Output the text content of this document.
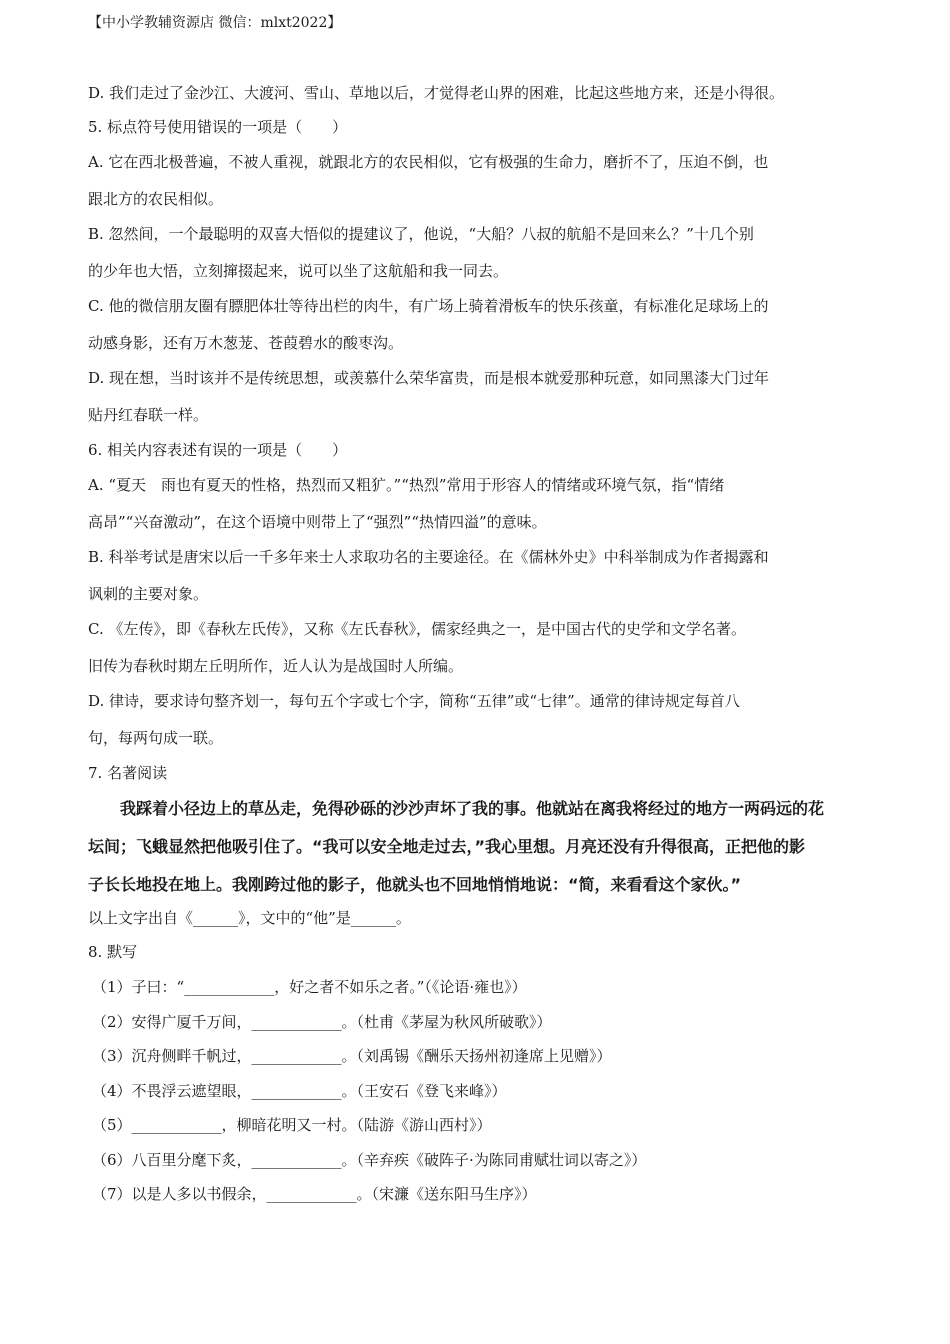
【中小学教辅资源店 微信：mlxt2022】
D. 我们走过了金沙江、大渡河、雪山、草地以后，才觉得老山界的困难，比起这些地方来，还是小得很。
5. 标点符号使用错误的一项是（　　）
A. 它在西北极普遍，不被人重视，就跟北方的农民相似，它有极强的生命力，磨折不了，压迫不倒，也
跟北方的农民相似。
B. 忽然间，一个最聪明的双喜大悟似的提建议了，他说，“大船？八叔的航船不是回来么？”十几个别
的少年也大悟，立刻撺掇起来，说可以坐了这航船和我一同去。
C. 他的微信朋友圈有膘肥体壮等待出栏的肉牛，有广场上骑着滑板车的快乐孩童，有标准化足球场上的
动感身影，还有万木葱茏、苍葭碧水的酸枣沟。
D. 现在想，当时该并不是传统思想，或羡慕什么荣华富贵，而是根本就爱那种玩意，如同黑漆大门过年
贴丹红春联一样。
6. 相关内容表述有误的一项是（　　）
A. “夏天　雨也有夏天的性格，热烈而又粗犷。”“热烈”常用于形容人的情绪或环境气氛，指“情绪
高昂”“兴奋激动”，在这个语境中则带上了“强烈”“热情四溢”的意味。
B. 科举考试是唐宋以后一千多年来士人求取功名的主要途径。在《儒林外史》中科举制成为作者揭露和
讽刺的主要对象。
C. 《左传》，即《春秋左氏传》，又称《左氏春秋》，儒家经典之一，是中国古代的史学和文学名著。
旧传为春秋时期左丘明所作，近人认为是战国时人所编。
D. 律诗，要求诗句整齐划一，每句五个字或七个字，简称“五律”或“七律”。通常的律诗规定每首八
句，每两句成一联。
7. 名著阅读
　　我踩着小径边上的草丛走，免得砂砾的沙沙声坏了我的事。他就站在离我将经过的地方一两码远的花
坛间；飞蛾显然把他吸引住了。“我可以安全地走过去，”我心里想。月亮还没有升得很高，正把他的影
子长长地投在地上。我刚跨过他的影子，他就头也不回地悄悄地说：“简，来看看这个家伙。”
以上文字出自《______》，文中的“他”是______。
8. 默写
（1）子曰：“____________，好之者不如乐之者。”（《论语·雍也》）
（2）安得广厦千万间，____________。（杜甫《茅屋为秋风所破歌》）
（3）沉舟侧畔千帆过，____________。（刘禹锡《酬乐天扬州初逢席上见赠》）
（4）不畏浮云遮望眼，____________。（王安石《登飞来峰》）
（5）____________，柳暗花明又一村。（陆游《游山西村》）
（6）八百里分麾下炙，____________。（辛弃疾《破阵子·为陈同甫赋壮词以寄之》）
（7）以是人多以书假余，____________。（宋濂《送东阳马生序》）
